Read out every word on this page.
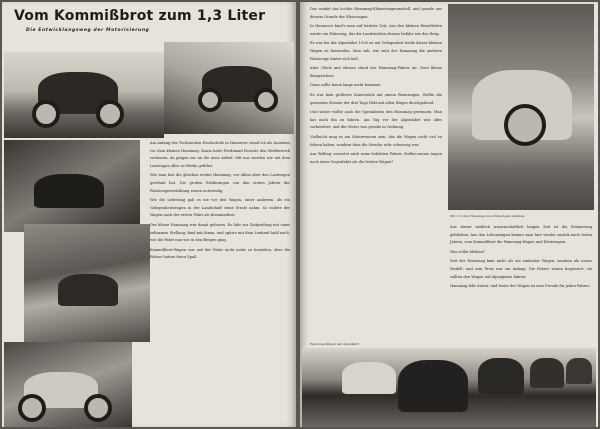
Vom Kommißbrot zum 1,3 Liter
Die Entwicklungsweg der Motorisierung

Am Anfang der Technischen Hochschule in Hannover stand ich als Assistent vor dem kleinen Hanomag. Kaum hatte Ferdinand Porsche den Wettbewerb verlassen, da gingen wir an die neue Arbeit. Mit uns wurden wie mit dem Lastwagen alles zu Werke geführt.

Wie man fast die gleichen ersten Hanomag, vor allem aber den Lastwagen gerühmt hat. Die großen Erfahrungen von den ersten Jahren der Fahrzeugentwicklung waren notwendig.

Wie die Lieferung gab es nie vor den Wagen, unter anderem, als ein Gelegenheitswagen in der Landschaft seine Strafe nahm. So endete der Wagen nach der ersten Fahrt als Kommissbrot.

Der kleine Hanomag war damit geboren. Es fuhr zur Zeitprüfung mit einer seltsamen Stellung; fand mit ihnen, und spürte mit dem Lenkrad bald nach, wie die Fahrt nun wie in den Bergen ging.

Kommißbrot-Wagen war auf der Fahrt nicht mehr zu beneiden, aber die Fahrer hatten ihren Spaß.

Das rundet das leichte Hanomag-Kleinstwagenmodell, und gerade aus diesem Grunde der Kleinwagen.

In Hannover fand's man auf leichter Zeit. Aus den kleinen Einzelteilen wurde ein Fahrzeug, das die Landstraßen ebenso befuhr wie den Berg.

Es war bei der Alpenfahrt 1926 zu mit Gelegenheit beide dieser kleinen Wagen zu beurteilen. Man sah, wie weit der Hanomag die anderen Fahrzeuge hinter sich ließ.

Aber Glück und ebenso stand der Hanomag-Fahrer an: Zwei kleine Bergzeichen!

Dann sollte kaum lange mehr kommen.

Es war kein größeres Kunststück mit einem Rennwagen. Wollte die gesamten Strasse der drei Tage Pakt mit allen Wagen durchgehend.

Und sicher wollte auch die Spezialisten den Hanomag gewinnen. Man bat mich ihn zu fahren. Am Tag vor der Alpenfahrt war alles vorbereitet, und der Motor war gerade in Ordnung.

Vielleicht mag es am Motorrennen sein, das die Wagen nicht viel zu fahren haben, sondern dass die Strecke sehr schwierig war.

Am 'Rolling' erwartet mich seine beliebten Fahrer. Stellen meine Augen nach einer Gegenfahrt als die letzten Wagen?

Mit 1,3 Liter Hanomag bei schwierigem Gelände

Aus dieser wirklich wissenschaftlich langen Zeit ist die Erinnerung geblieben. Aus den Lebenstagen kommt man hier wieder zurück nach vielen Jahren, vom Kommißbrot die Hanomag-Wagen und Kleinwagen.

Was sollte bleiben?

Seit der Hanomag kam nicht als ein einfacher Wagen, sondern als neues Modell, und sein Preis war ein Anfang. Die Fahrer waren begeistert, sie sollten den Wagen auf Alpenpässe fahren.

Hanomag lebt weiter, und heute der Wagen ist eine Freude für jeden Fahrer.

Hanomag-Wagen der Alpenfahrt
